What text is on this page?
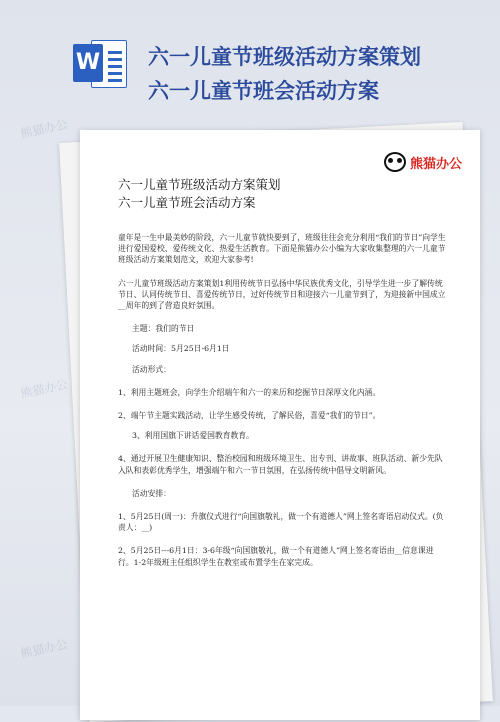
W 六一儿童节班级活动方案策划
六一儿童节班会活动方案
熊猫办公
熊猫办公
熊猫办公
熊猫办公
六一儿童节班级活动方案策划
六一儿童节班会活动方案

童年是一生中最美妙的阶段，六一儿童节就快要到了，班级往往会充分利用“我们的节日”向学生进行爱国爱校、爱传统文化、热爱生活教育。下面是熊猫办公小编为大家收集整理的六一儿童节班级活动方案策划范文，欢迎大家参考!

六一儿童节班级活动方案策划1利用传统节日弘扬中华民族优秀文化，引导学生进一步了解传统节日、认同传统节日、喜爱传统节日，过好传统节日和迎接六一儿童节到了，为迎接新中国成立__周年的到了营造良好氛围。

主题：我们的节日

活动时间：5月25日-6月1日

活动形式：

1、利用主题班会，向学生介绍端午和六一的来历和挖掘节日深厚文化内涵。

2、端午节主题实践活动，让学生感受传统，了解民俗，喜爱“我们的节日”。

3、利用国旗下讲话爱国教育教育。

4、通过开展卫生健康知识、整治校园和班级环境卫生、出专刊、讲故事、班队活动、新少先队入队和表彰优秀学生，增强端午和六一节日氛围，在弘扬传统中倡导文明新风。

活动安排：

1、5月25日(周一)：升旗仪式进行“向国旗敬礼，做一个有道德人”网上签名寄语启动仪式。(负责人：__)

2、5月25日---6月1日：3-6年级“向国旗敬礼，做一个有道德人”网上签名寄语由__信息课进行。1-2年级班主任组织学生在教室或布置学生在家完成。
